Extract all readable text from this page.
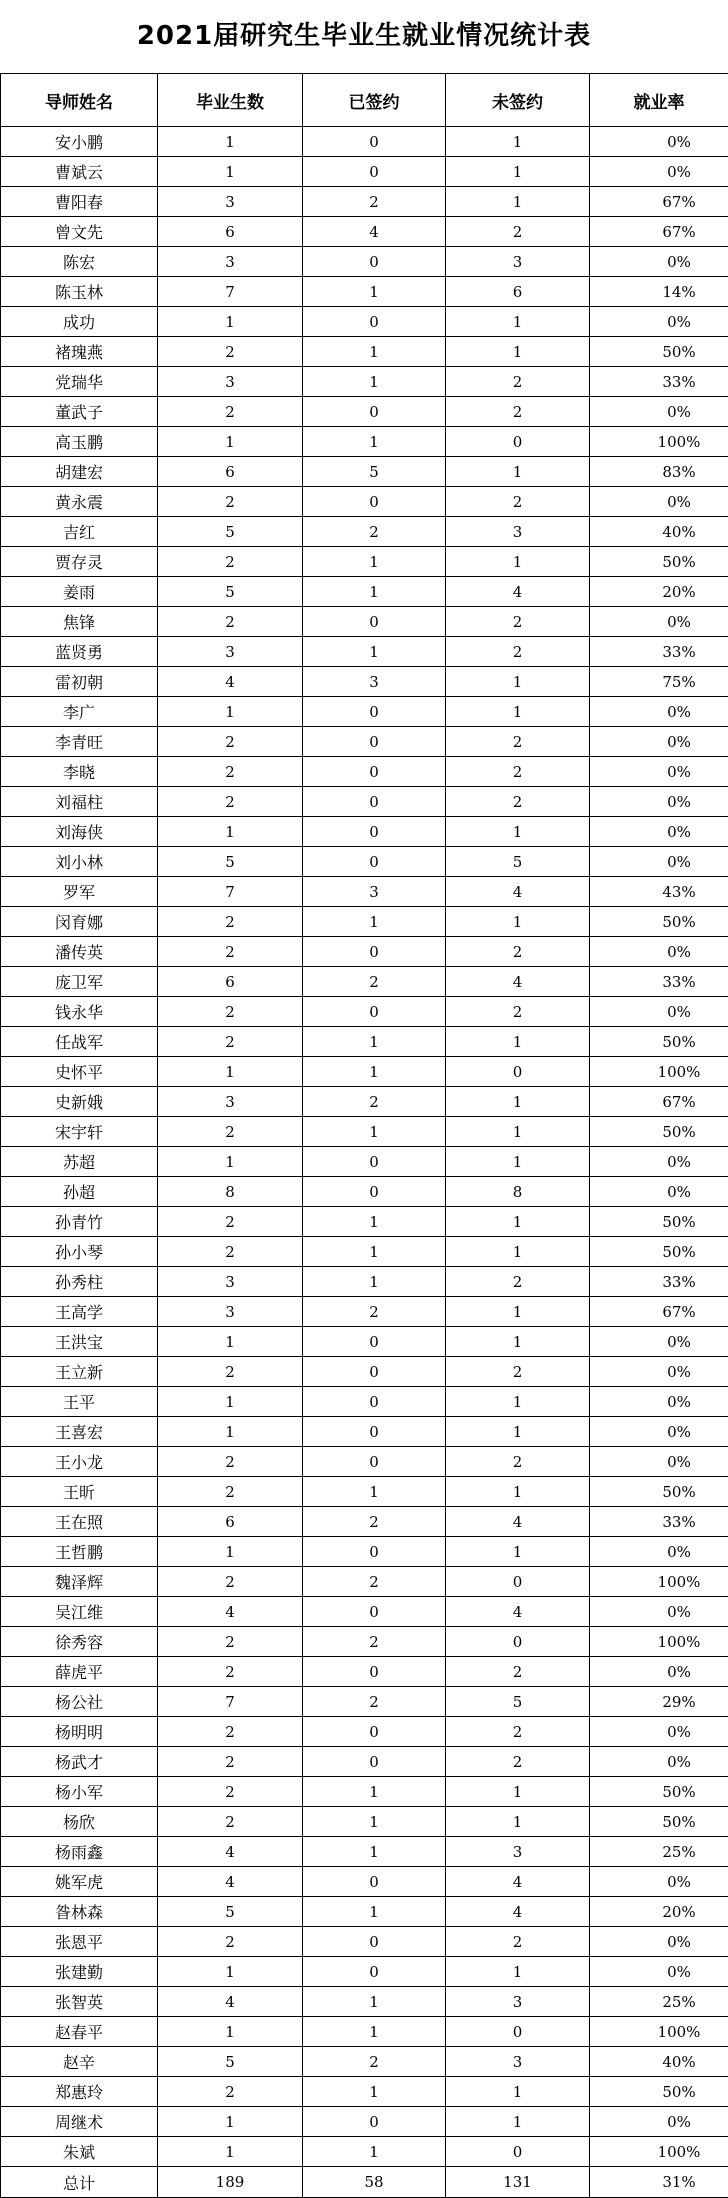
2021届研究生毕业生就业情况统计表
导师姓名	毕业生数	已签约	未签约	就业率
安小鹏	1	0	1	0%
曹斌云	1	0	1	0%
曹阳春	3	2	1	67%
曾文先	6	4	2	67%
陈宏	3	0	3	0%
陈玉林	7	1	6	14%
成功	1	0	1	0%
褚瑰燕	2	1	1	50%
党瑞华	3	1	2	33%
董武子	2	0	2	0%
高玉鹏	1	1	0	100%
胡建宏	6	5	1	83%
黄永震	2	0	2	0%
吉红	5	2	3	40%
贾存灵	2	1	1	50%
姜雨	5	1	4	20%
焦锋	2	0	2	0%
蓝贤勇	3	1	2	33%
雷初朝	4	3	1	75%
李广	1	0	1	0%
李青旺	2	0	2	0%
李晓	2	0	2	0%
刘福柱	2	0	2	0%
刘海侠	1	0	1	0%
刘小林	5	0	5	0%
罗军	7	3	4	43%
闵育娜	2	1	1	50%
潘传英	2	0	2	0%
庞卫军	6	2	4	33%
钱永华	2	0	2	0%
任战军	2	1	1	50%
史怀平	1	1	0	100%
史新娥	3	2	1	67%
宋宇轩	2	1	1	50%
苏超	1	0	1	0%
孙超	8	0	8	0%
孙青竹	2	1	1	50%
孙小琴	2	1	1	50%
孙秀柱	3	1	2	33%
王高学	3	2	1	67%
王洪宝	1	0	1	0%
王立新	2	0	2	0%
王平	1	0	1	0%
王喜宏	1	0	1	0%
王小龙	2	0	2	0%
王昕	2	1	1	50%
王在照	6	2	4	33%
王哲鹏	1	0	1	0%
魏泽辉	2	2	0	100%
吴江维	4	0	4	0%
徐秀容	2	2	0	100%
薛虎平	2	0	2	0%
杨公社	7	2	5	29%
杨明明	2	0	2	0%
杨武才	2	0	2	0%
杨小军	2	1	1	50%
杨欣	2	1	1	50%
杨雨鑫	4	1	3	25%
姚军虎	4	0	4	0%
昝林森	5	1	4	20%
张恩平	2	0	2	0%
张建勤	1	0	1	0%
张智英	4	1	3	25%
赵春平	1	1	0	100%
赵辛	5	2	3	40%
郑惠玲	2	1	1	50%
周继术	1	0	1	0%
朱斌	1	1	0	100%
总计	189	58	131	31%
